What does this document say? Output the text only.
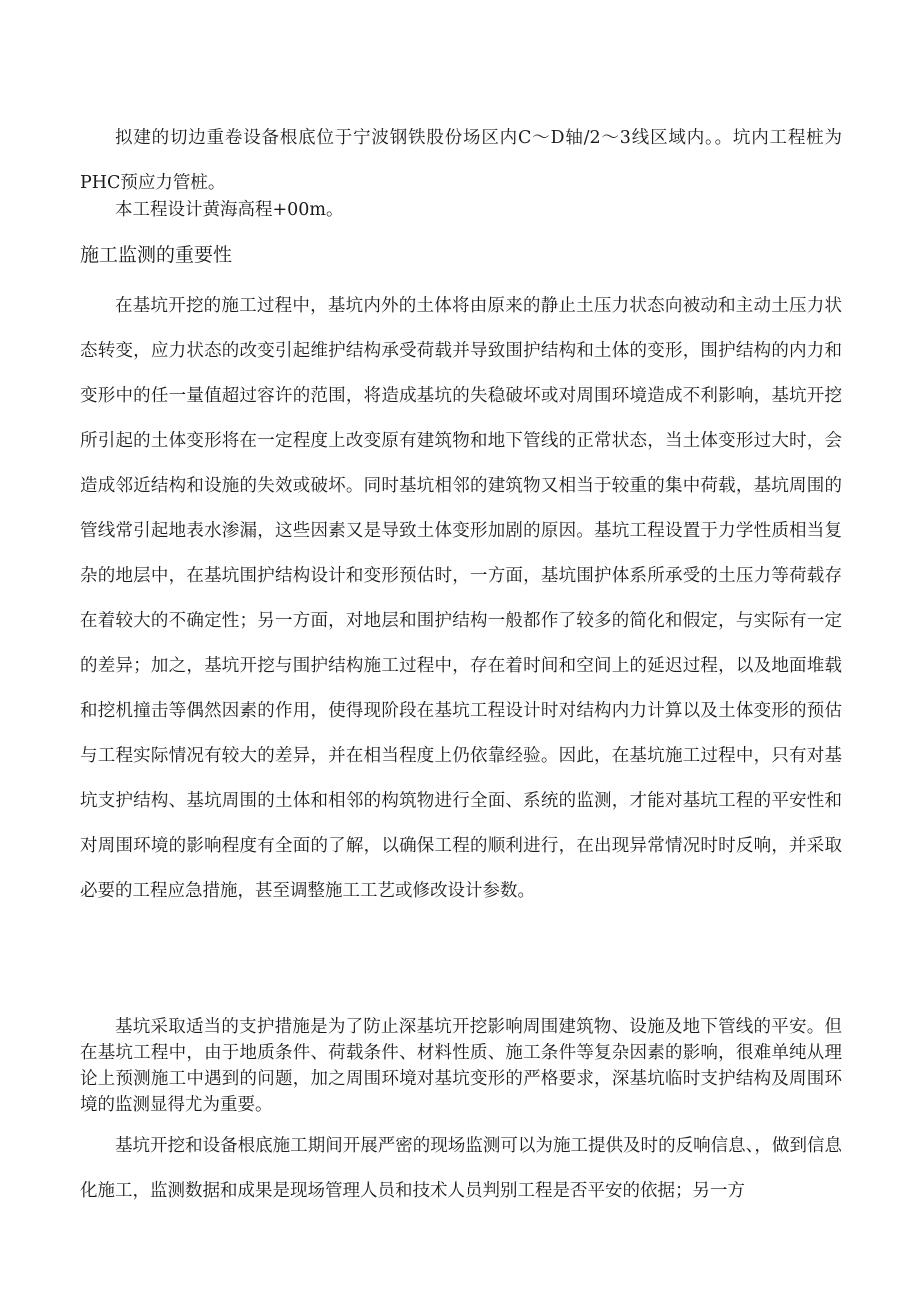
拟建的切边重卷设备根底位于宁波钢铁股份场区内C～D轴/2～3线区域内。。坑内工程桩为PHC预应力管桩。

本工程设计黄海高程+00m。

施工监测的重要性

在基坑开挖的施工过程中，基坑内外的土体将由原来的静止土压力状态向被动和主动土压力状态转变，应力状态的改变引起维护结构承受荷载并导致围护结构和土体的变形，围护结构的内力和变形中的任一量值超过容许的范围，将造成基坑的失稳破坏或对周围环境造成不利影响，基坑开挖所引起的土体变形将在一定程度上改变原有建筑物和地下管线的正常状态，当土体变形过大时，会造成邻近结构和设施的失效或破坏。同时基坑相邻的建筑物又相当于较重的集中荷载，基坑周围的管线常引起地表水渗漏，这些因素又是导致土体变形加剧的原因。基坑工程设置于力学性质相当复杂的地层中，在基坑围护结构设计和变形预估时，一方面，基坑围护体系所承受的土压力等荷载存在着较大的不确定性；另一方面，对地层和围护结构一般都作了较多的简化和假定，与实际有一定的差异；加之，基坑开挖与围护结构施工过程中，存在着时间和空间上的延迟过程，以及地面堆载和挖机撞击等偶然因素的作用，使得现阶段在基坑工程设计时对结构内力计算以及土体变形的预估与工程实际情况有较大的差异，并在相当程度上仍依靠经验。因此，在基坑施工过程中，只有对基坑支护结构、基坑周围的土体和相邻的构筑物进行全面、系统的监测，才能对基坑工程的平安性和对周围环境的影响程度有全面的了解，以确保工程的顺利进行，在出现异常情况时时反响，并采取必要的工程应急措施，甚至调整施工工艺或修改设计参数。

基坑采取适当的支护措施是为了防止深基坑开挖影响周围建筑物、设施及地下管线的平安。但在基坑工程中，由于地质条件、荷载条件、材料性质、施工条件等复杂因素的影响，很难单纯从理论上预测施工中遇到的问题，加之周围环境对基坑变形的严格要求，深基坑临时支护结构及周围环境的监测显得尤为重要。

基坑开挖和设备根底施工期间开展严密的现场监测可以为施工提供及时的反响信息、，做到信息化施工，监测数据和成果是现场管理人员和技术人员判别工程是否平安的依据；另一方
